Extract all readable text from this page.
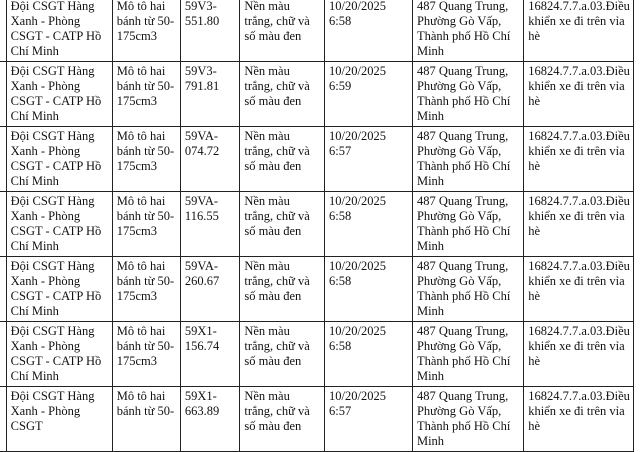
	Đội CSGT Hàng Xanh - Phòng CSGT - CATP Hồ Chí Minh	Mô tô hai bánh từ 50-175cm3	59V3-551.80	Nền màu trắng, chữ và số màu đen	10/20/2025 6:58	487 Quang Trung, Phường Gò Vấp, Thành phố Hồ Chí Minh	16824.7.7.a.03.Điều khiển xe đi trên vỉa hè
	Đội CSGT Hàng Xanh - Phòng CSGT - CATP Hồ Chí Minh	Mô tô hai bánh từ 50-175cm3	59V3-791.81	Nền màu trắng, chữ và số màu đen	10/20/2025 6:59	487 Quang Trung, Phường Gò Vấp, Thành phố Hồ Chí Minh	16824.7.7.a.03.Điều khiển xe đi trên vỉa hè
	Đội CSGT Hàng Xanh - Phòng CSGT - CATP Hồ Chí Minh	Mô tô hai bánh từ 50-175cm3	59VA-074.72	Nền màu trắng, chữ và số màu đen	10/20/2025 6:57	487 Quang Trung, Phường Gò Vấp, Thành phố Hồ Chí Minh	16824.7.7.a.03.Điều khiển xe đi trên vỉa hè
	Đội CSGT Hàng Xanh - Phòng CSGT - CATP Hồ Chí Minh	Mô tô hai bánh từ 50-175cm3	59VA-116.55	Nền màu trắng, chữ và số màu đen	10/20/2025 6:58	487 Quang Trung, Phường Gò Vấp, Thành phố Hồ Chí Minh	16824.7.7.a.03.Điều khiển xe đi trên vỉa hè
	Đội CSGT Hàng Xanh - Phòng CSGT - CATP Hồ Chí Minh	Mô tô hai bánh từ 50-175cm3	59VA-260.67	Nền màu trắng, chữ và số màu đen	10/20/2025 6:58	487 Quang Trung, Phường Gò Vấp, Thành phố Hồ Chí Minh	16824.7.7.a.03.Điều khiển xe đi trên vỉa hè
	Đội CSGT Hàng Xanh - Phòng CSGT - CATP Hồ Chí Minh	Mô tô hai bánh từ 50-175cm3	59X1-156.74	Nền màu trắng, chữ và số màu đen	10/20/2025 6:58	487 Quang Trung, Phường Gò Vấp, Thành phố Hồ Chí Minh	16824.7.7.a.03.Điều khiển xe đi trên vỉa hè
	Đội CSGT Hàng Xanh - Phòng CSGT	Mô tô hai bánh từ 50-	59X1-663.89	Nền màu trắng, chữ và số màu đen	10/20/2025 6:57	487 Quang Trung, Phường Gò Vấp, Thành phố Hồ Chí Minh	16824.7.7.a.03.Điều khiển xe đi trên vỉa hè
